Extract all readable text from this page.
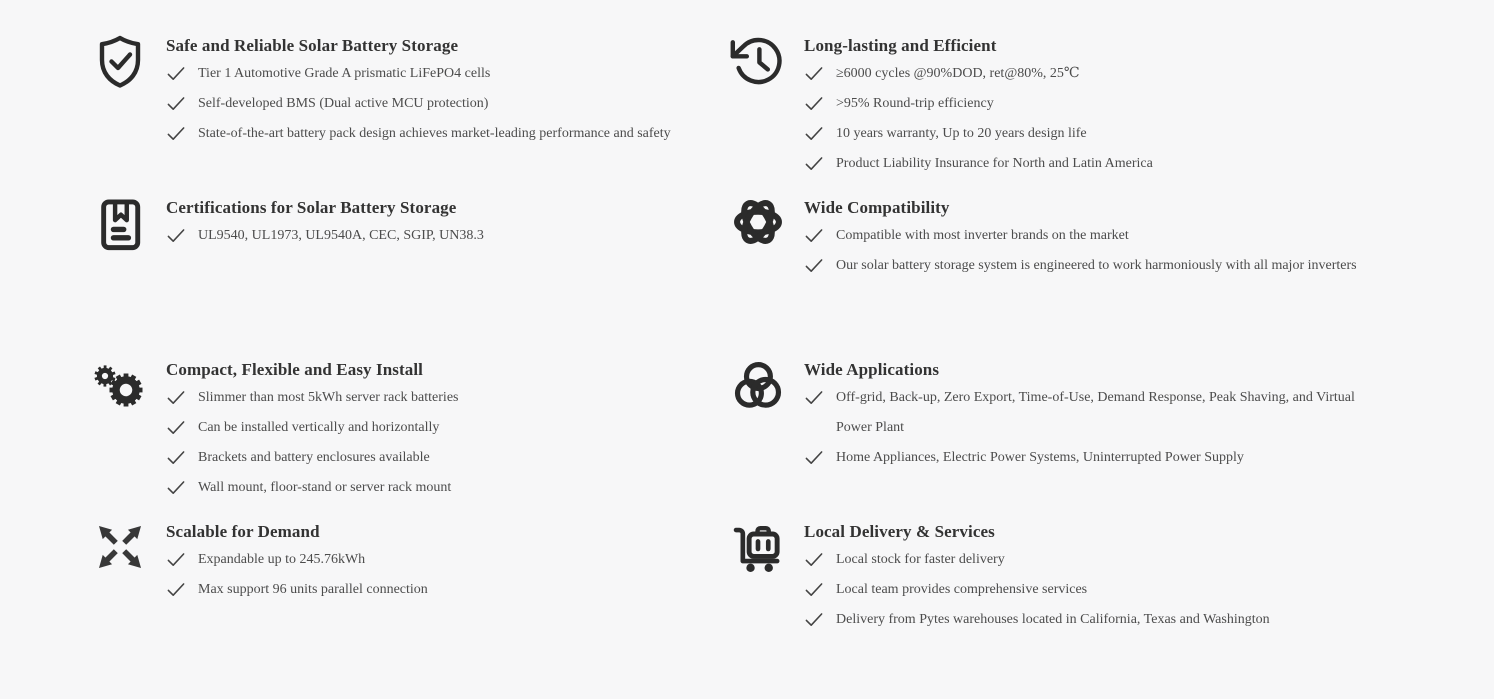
Safe and Reliable Solar Battery Storage
Tier 1 Automotive Grade A prismatic LiFePO4 cells
Self-developed BMS (Dual active MCU protection)
State-of-the-art battery pack design achieves market-leading performance and safety
Long-lasting and Efficient
≥6000 cycles @90%DOD, ret@80%, 25℃
>95% Round-trip efficiency
10 years warranty, Up to 20 years design life
Product Liability Insurance for North and Latin America
Certifications for Solar Battery Storage
UL9540, UL1973, UL9540A, CEC, SGIP, UN38.3
Wide Compatibility
Compatible with most inverter brands on the market
Our solar battery storage system is engineered to work harmoniously with all major inverters
Compact, Flexible and Easy Install
Slimmer than most 5kWh server rack batteries
Can be installed vertically and horizontally
Brackets and battery enclosures available
Wall mount, floor-stand or server rack mount
Wide Applications
Off-grid, Back-up, Zero Export, Time-of-Use, Demand Response, Peak Shaving, and Virtual Power Plant
Home Appliances, Electric Power Systems, Uninterrupted Power Supply
Scalable for Demand
Expandable up to 245.76kWh
Max support 96 units parallel connection
Local Delivery & Services
Local stock for faster delivery
Local team provides comprehensive services
Delivery from Pytes warehouses located in California, Texas and Washington
